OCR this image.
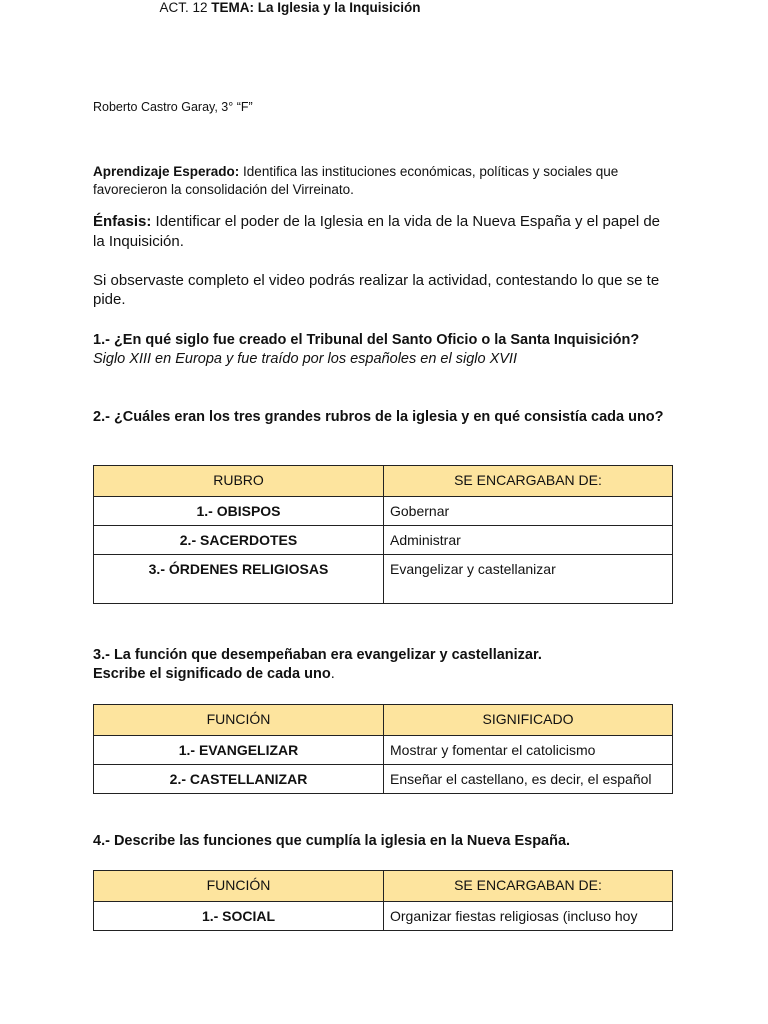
Roberto Castro Garay, 3° “F”
ACT. 12 TEMA: La Iglesia y la Inquisición
Aprendizaje Esperado: Identifica las instituciones económicas, políticas y sociales que favorecieron la consolidación del Virreinato.
Énfasis: Identificar el poder de la Iglesia en la vida de la Nueva España y el papel de la Inquisición.
Si observaste completo el video podrás realizar la actividad, contestando lo que se te pide.
1.- ¿En qué siglo fue creado el Tribunal del Santo Oficio o la Santa Inquisición?
Siglo XIII en Europa y fue traído por los españoles en el siglo XVII
2.- ¿Cuáles eran los tres grandes rubros de la iglesia y en qué consistía cada uno?
RUBRO	SE ENCARGABAN DE:
1.- OBISPOS	Gobernar
2.- SACERDOTES	Administrar
3.- ÓRDENES RELIGIOSAS	Evangelizar y castellanizar
3.- La función que desempeñaban era evangelizar y castellanizar.
Escribe el significado de cada uno.
FUNCIÓN	SIGNIFICADO
1.- EVANGELIZAR	Mostrar y fomentar el catolicismo
2.- CASTELLANIZAR	Enseñar el castellano, es decir, el español
4.- Describe las funciones que cumplía la iglesia en la Nueva España.
FUNCIÓN	SE ENCARGABAN DE:
1.- SOCIAL	Organizar fiestas religiosas (incluso hoy
